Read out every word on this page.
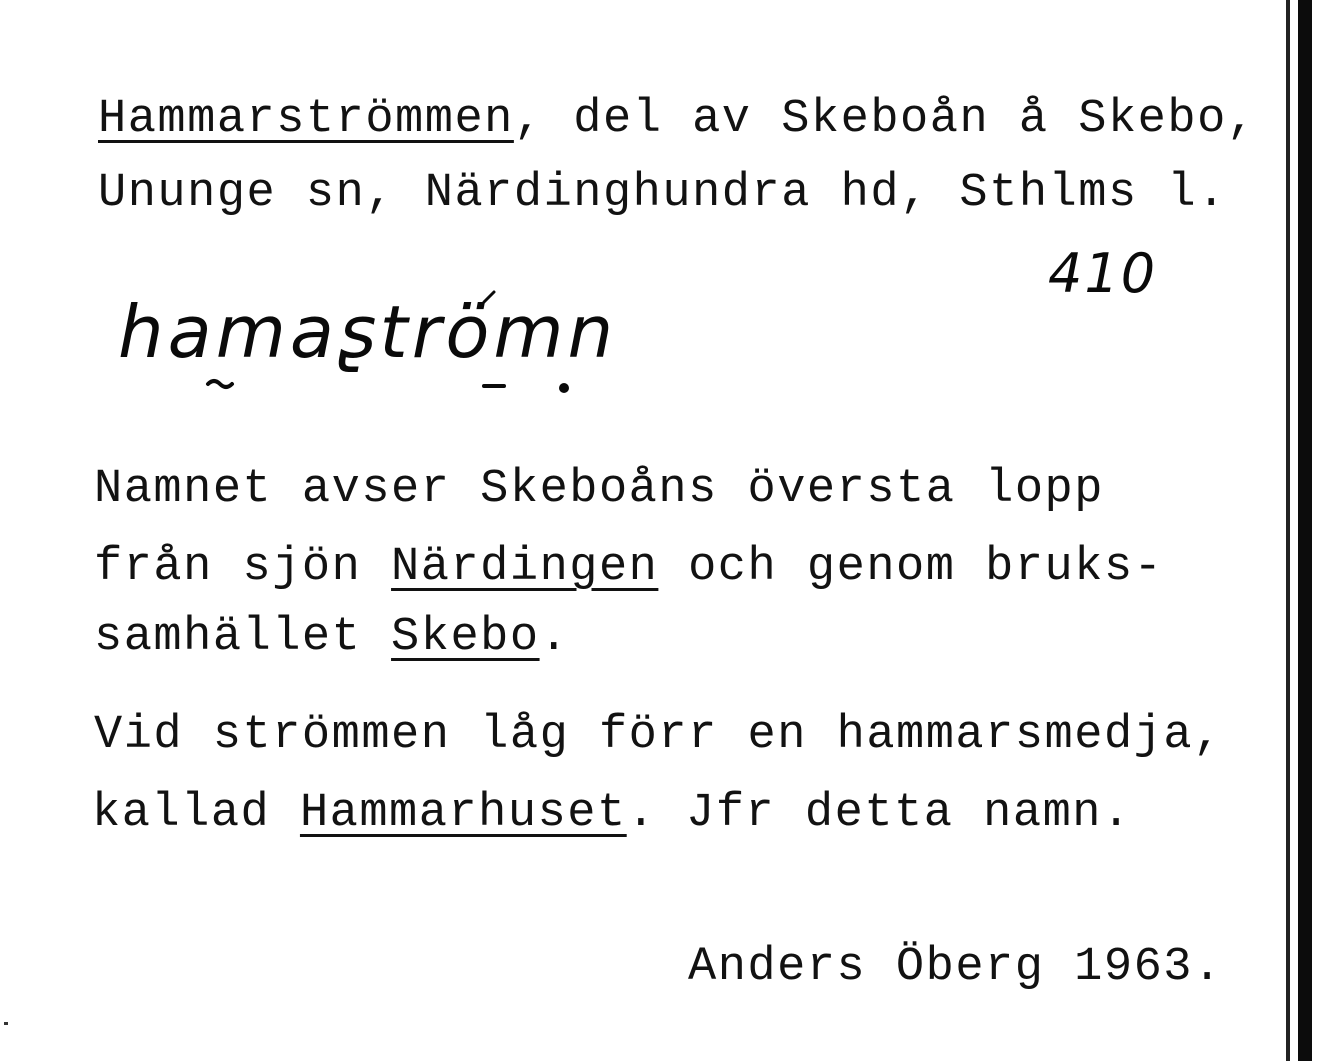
Hammarströmmen, del av Skeboån å Skebo,

Ununge sn, Närdinghundra hd, Sthlms l.

410

hamaʂtrömn

Namnet avser Skeboåns översta lopp

från sjön Närdingen och genom bruks-

samhället Skebo.

Vid strömmen låg förr en hammarsmedja,

kallad Hammarhuset. Jfr detta namn.

Anders Öberg 1963.
